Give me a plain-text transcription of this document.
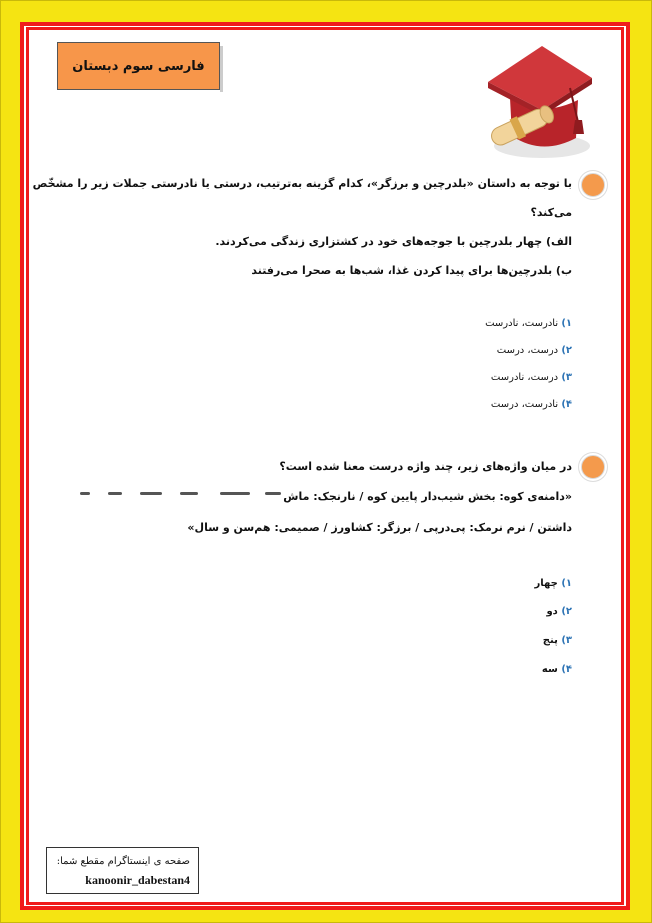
فارسی سوم دبستان
با توجه به داستان «بلدرچین و برزگر»، کدام گزینه به‌ترتیب، درستی یا نادرستی جملات زیر را مشخّص
می‌کند؟
الف) چهار بلدرچین با جوجه‌های خود در کشتزاری زندگی می‌کردند.
ب) بلدرچین‌ها برای پیدا کردن غذا، شب‌ها به صحرا می‌رفتند
۱) نادرست، نادرست
۲) درست، درست
۳) درست، نادرست
۴) نادرست، درست
در میان واژه‌های زیر، چند واژه درست معنا شده است؟
«دامنه‌ی کوه: بخش شیب‌دار پایین کوه / نارنجک: ماش
داشتن / نرم نرمک: پی‌درپی / برزگر: کشاورز / صمیمی: هم‌سن و سال»
۱) چهار
۲) دو
۳) پنج
۴) سه
صفحه ی اینستاگرام مقطع شما:
kanoonir_dabestan4
